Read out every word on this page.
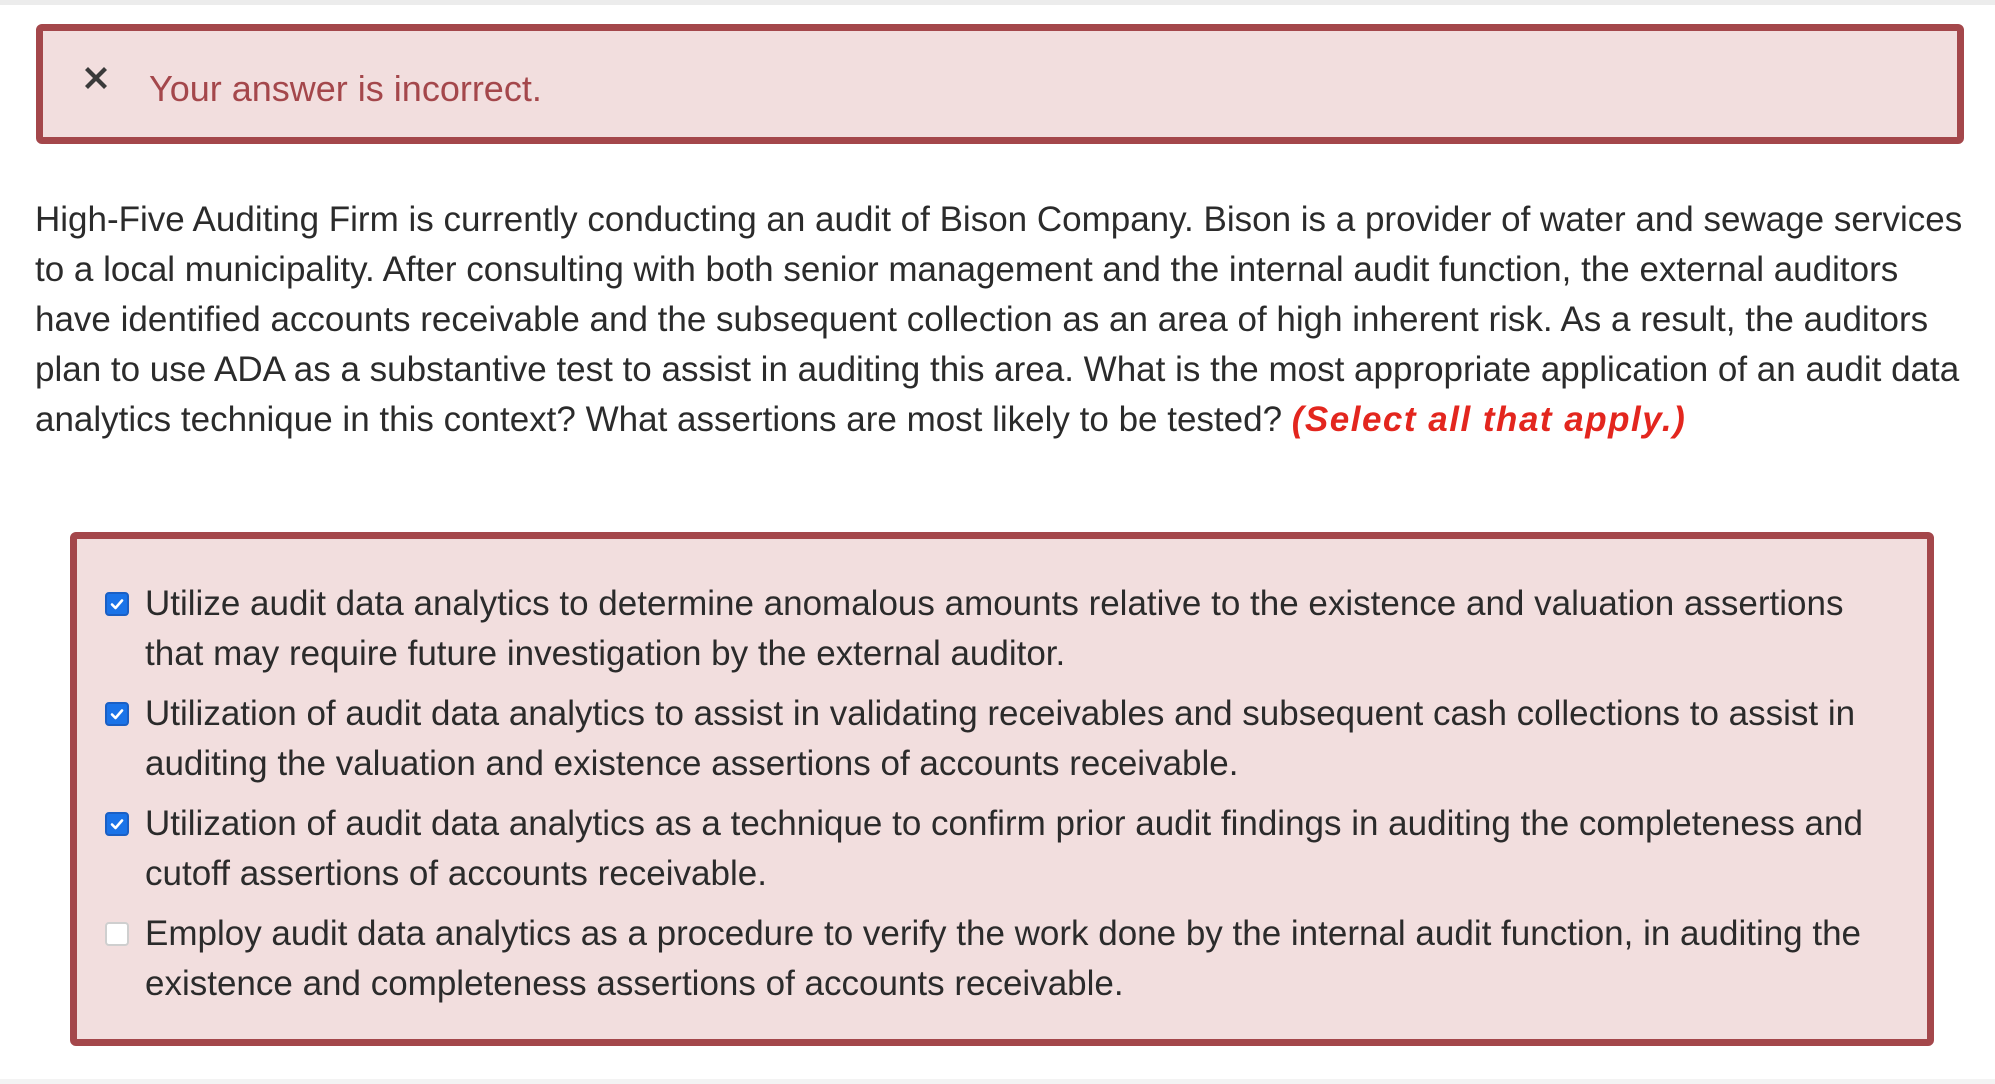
Your answer is incorrect.

High-Five Auditing Firm is currently conducting an audit of Bison Company. Bison is a provider of water and sewage services to a local municipality. After consulting with both senior management and the internal audit function, the external auditors have identified accounts receivable and the subsequent collection as an area of high inherent risk. As a result, the auditors plan to use ADA as a substantive test to assist in auditing this area. What is the most appropriate application of an audit data analytics technique in this context? What assertions are most likely to be tested? (Select all that apply.)

Utilize audit data analytics to determine anomalous amounts relative to the existence and valuation assertions that may require future investigation by the external auditor.
Utilization of audit data analytics to assist in validating receivables and subsequent cash collections to assist in auditing the valuation and existence assertions of accounts receivable.
Utilization of audit data analytics as a technique to confirm prior audit findings in auditing the completeness and cutoff assertions of accounts receivable.
Employ audit data analytics as a procedure to verify the work done by the internal audit function, in auditing the existence and completeness assertions of accounts receivable.
